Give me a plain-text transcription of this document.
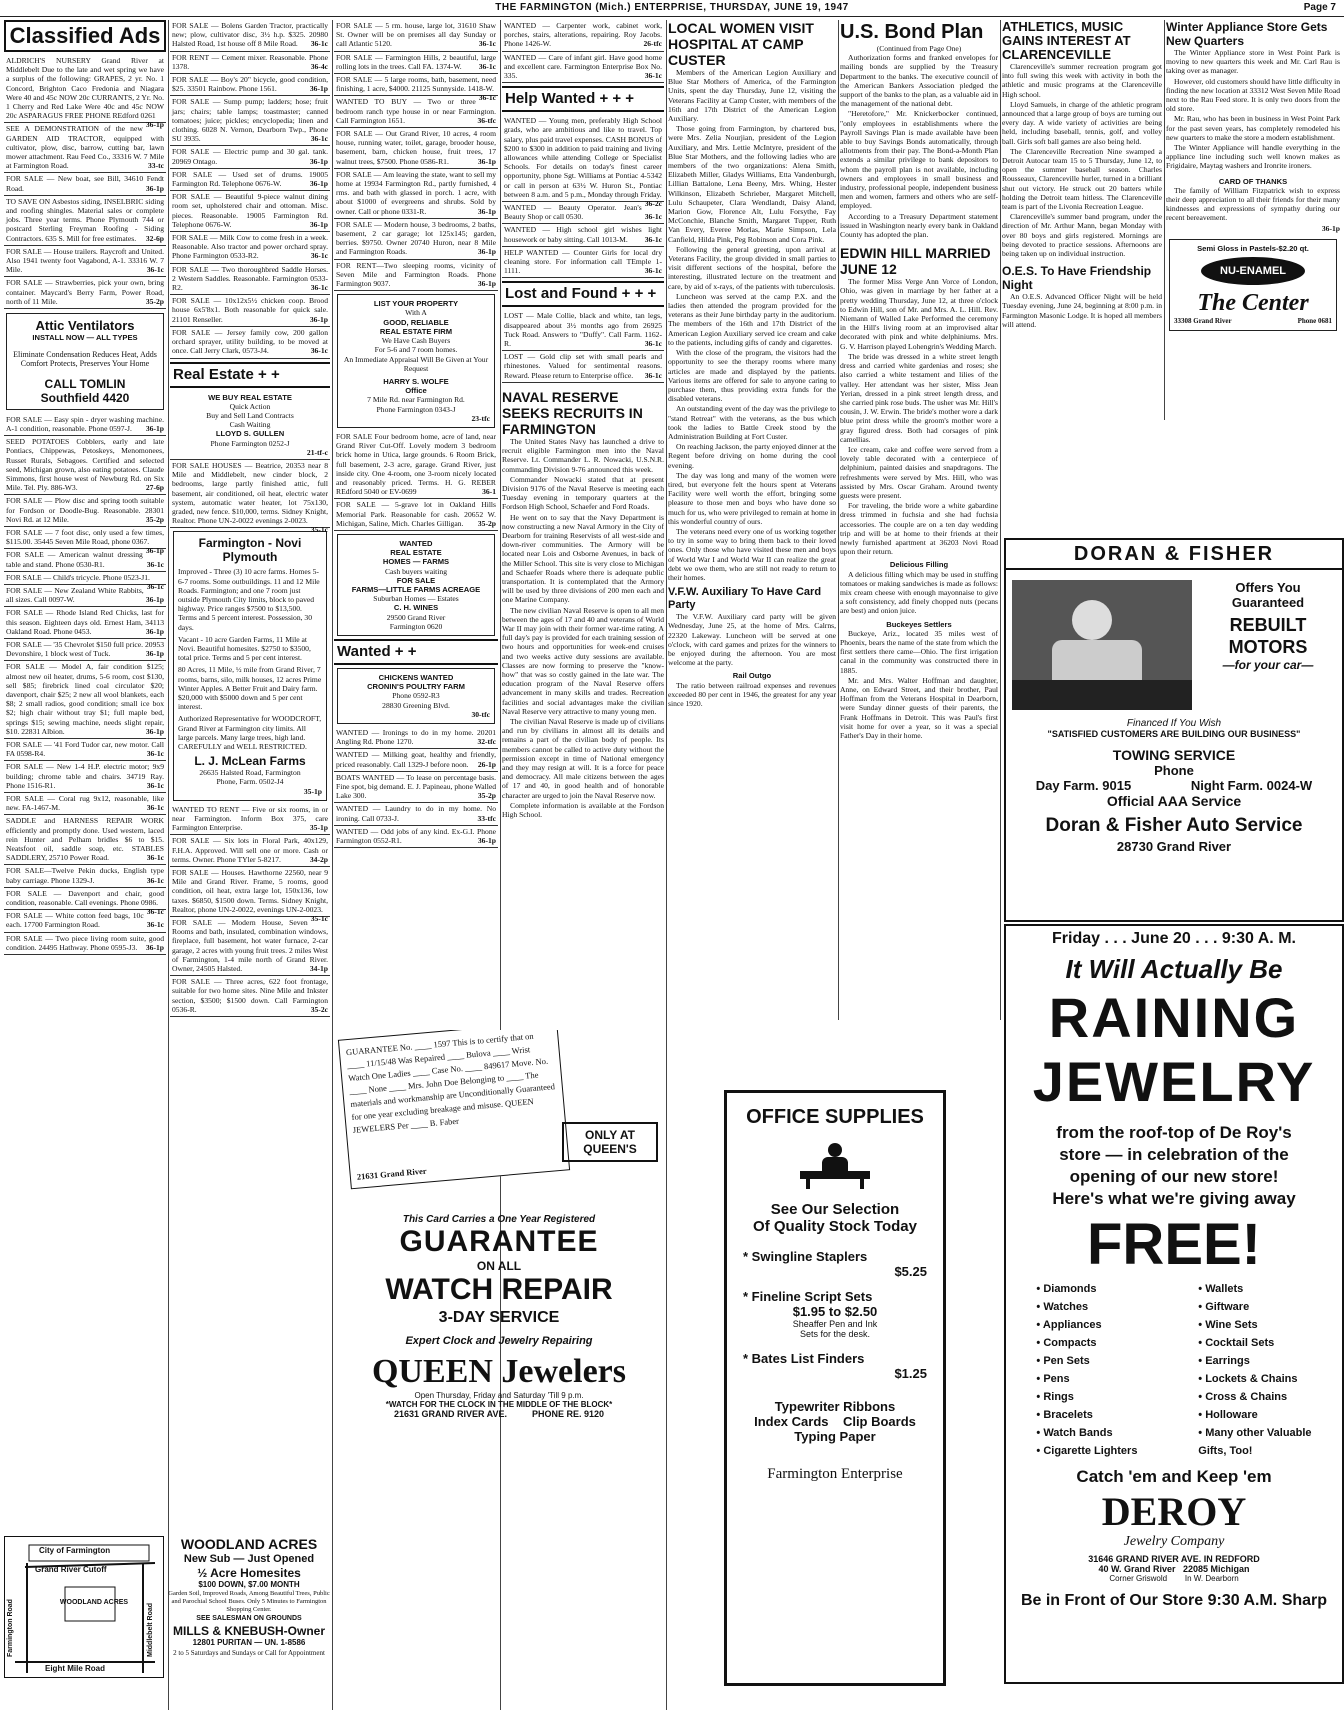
THE FARMINGTON (Mich.) ENTERPRISE, THURSDAY, JUNE 19, 1947	Page 7
Classified Ads
ALDRICH'S NURSERY Grand River at Middlebelt Due to the late and wet spring we have a surplus of the following: GRAPES, 2 yr. No. 1 Concord, Brighton Caco Fredonia and Niagara Were 40 and 45c NOW 20c CURRANTS, 2 Yr. No. 1 Cherry and Red Lake Were 40c and 45c NOW 20c ASPARAGUS FREE PHONE REdford 0261
36-1p
SEE A DEMONSTRATION of the new GARDEN AID TRACTOR, equipped with cultivator, plow, disc, barrow, cutting bar, lawn mower attachment. Rau Feed Co., 33316 W. 7 Mile at Farmington Road.	33-tc
FOR SALE — New boat, see Bill, 34610 Fendt Road.	36-1p
TO SAVE ON Asbestos siding, INSELBRIC siding and roofing shingles. Material sales or complete jobs. Three year terms. Phone Plymouth 744 or postcard Sterling Freyman Roofing - Siding Contractors. 635 S. Mill for free estimates. 32-6p
FOR SALE — House trailers. Raycroft and United. Also 1941 twenty foot Vagabond, A-1. 33316 W. 7 Mile.	36-1c
FOR SALE — Strawberries, pick your own, bring container. Maycard's Berry Farm, Power Road, north of 11 Mile.	35-2p
Attic Ventilators
INSTALL NOW — ALL TYPES
Eliminate Condensation Reduces Heat, Adds Comfort Protects, Preserves Your Home
CALL TOMLIN
Southfield 4420
FOR SALE — Easy spin - dryer washing machine. A-1 condition, reasonable. Phone 0597-J. 36-1p
SEED POTATOES Cobblers, early and late Pontiacs, Chippewas, Petoskeys, Menomonees, Russet Rurals, Sebagoes. Certified and selected seed, Michigan grown, also eating potatoes. Claude Simmons, first house west of Newburg Rd. on Six Mile. Tel. Ply. 886-W3.	27-6p
FOR SALE — Plow disc and spring tooth suitable for Fordson or Doodle-Bug. Reasonable. 28301 Novi Rd. at 12 Mile.	35-2p
FOR SALE — 7 foot disc, only used a few times, $115.00. 35445 Seven Mile Road, phone 0367.
36-1p
FOR SALE — American walnut dressing table and stand. Phone 0530-R1.	36-1c
FOR SALE — Child's tricycle. Phone 0523-J1.
36-1c
FOR SALE — New Zealand White Rabbits, all sizes. Call 0097-W.	36-1p
FOR SALE — Rhode Island Red Chicks, last for this season. Eighteen days old. Ernest Ham, 34113 Oakland Road. Phone 0453.	36-1p
FOR SALE — '35 Chevrolet $150 full price. 20953 Devonshire, 1 block west of Tuck.	36-1p
FOR SALE — Model A, fair condition $125; almost new oil heater, drums, 5-6 room, cost $130, sell $85; firebrick lined coal circulator $20; davenport, chair $25; 2 new all wool blankets, each $8; 2 small radios, good condition; small ice box $2; high chair without tray $1; full maple bed, springs $15; sewing machine, needs slight repair, $10. 22831 Albion.	36-1p
FOR SALE — '41 Ford Tudor car, new motor. Call FA 0598-R4.	36-1c
FOR SALE — New 1-4 H.P. electric motor; 9x9 building; chrome table and chairs. 34719 Ray. Phone 1516-R1.	36-1c
FOR SALE — Coral rug 9x12, reasonable, like new. FA-1467-M.	36-1c
SADDLE and HARNESS REPAIR WORK efficiently and promptly done. Used western, laced rein Hunter and Pelham bridles $6 to $15. Neatsfoot oil, saddle soap, etc. STABLES SADDLERY, 25710 Power Road.	36-1c
FOR SALE—Twelve Pekin ducks, English type baby carriage. Phone 1329-J.	36-1c
FOR SALE — Davenport and chair, good condition, reasonable. Call evenings. Phone 0986.
36-1c
FOR SALE — White cotton feed bags, 10c each. 17700 Farmington Road.	36-1c
FOR SALE — Two piece living room suite, good condition. 24495 Hathway. Phone 0595-J3. 36-1p
City of Farmington
Grand River Cutoff
WOODLAND ACRES
Farmington Road	Middlebelt Road
Eight Mile Road
WOODLAND ACRES
New Sub — Just Opened
½ Acre Homesites
$100 DOWN, $7.00 MONTH
Garden Soil, Improved Roads, Among Beautiful Trees, Public and Parochial School Buses. Only 5 Minutes to Farmington Shopping Center.
SEE SALESMAN ON GROUNDS
MILLS & KNEBUSH-Owner
12801 PURITAN — UN. 1-8586
2 to 5 Saturdays and Sundays or Call for Appointment
FOR SALE — Bolens Garden Tractor, practically new; plow, cultivator disc, 3½ h.p. $325. 20980 Halsted Road, 1st house off 8 Mile Road. 36-1c
FOR RENT — Cement mixer. Reasonable. Phone 1378.	36-4c
FOR SALE — Boy's 20" bicycle, good condition, $25. 33501 Rainbow. Phone 1561.	36-1p
FOR SALE — Sump pump; ladders; hose; fruit jars; chairs; table lamps; toastmaster; canned tomatoes; juice; pickles; encyclopedia; linen and clothing. 6028 N. Vernon, Dearborn Twp., Phone SU 3935.	36-1c
FOR SALE — Electric pump and 30 gal. tank. 20969 Ontago.	36-1p
FOR SALE — Used set of drums. 19005 Farmington Rd. Telephone 0676-W.	36-1p
FOR SALE — Beautiful 9-piece walnut dining room set, upholstered chair and ottoman. Misc. pieces. Reasonable. 19005 Farmington Rd. Telephone 0676-W.	36-1p
FOR SALE — Milk Cow to come fresh in a week. Reasonable. Also tractor and power orchard spray. Phone Farmington 0533-R2.	36-1c
FOR SALE — Two thoroughbred Saddle Horses. 2 Western Saddles. Reasonable. Farmington 0533-R2.	36-1c
FOR SALE — 10x12x5½ chicken coop. Brood house 6x5'8x1. Both reasonable for quick sale. 21101 Renseller.	36-1p
FOR SALE — Jersey family cow, 200 gallon orchard sprayer, utility building, to be moved at once. Call Jerry Clark, 0573-J4.	36-1c
Real Estate + +
WE BUY REAL ESTATE
Quick Action
Buy and Sell Land Contracts
Cash Waiting
LLOYD S. GULLEN
Phone Farmington 0252-J
21-tf-c
FOR SALE HOUSES — Beatrice, 20353 near 8 Mile and Middlebelt, new cinder block, 2 bedrooms, large partly finished attic, full basement, air conditioned, oil heat, electric water system, automatic water heater, lot 75x130, graded, new fence. $10,000, terms. Sidney Knight, Realtor. Phone UN-2-0022 evenings 2-0023.
35-1c
Farmington - Novi Plymouth

Improved - Three (3) 10 acre farms. Homes 5-6-7 rooms. Some outbuildings. 11 and 12 Mile Roads. Farmington; and one 7 room just outside Plymouth City limits, block to paved highway. Price ranges $7500 to $13,500. Terms and 5 percent interest. Possession, 30 days.

Vacant - 10 acre Garden Farms, 11 Mile at Novi. Beautiful homesites. $2750 to $3500, total price. Terms and 5 per cent interest.

80 Acres, 11 Mile, ½ mile from Grand River, 7 rooms, barns, silo, milk houses, 12 acres Prime Winter Apples. A Better Fruit and Dairy farm. $20,000 with $5000 down and 5 per cent interest.

Authorized Representative for WOODCROFT, Grand River at Farmington city limits. All large parcels. Many large trees, high land. CAREFULLY and WELL RESTRICTED.

L. J. McLean Farms
26635 Halsted Road, Farmington
Phone, Farm. 0502-J4
35-1p
WANTED TO RENT — Five or six rooms, in or near Farmington. Inform Box 375, care Farmington Enterprise.	35-1p
FOR SALE — Six lots in Floral Park, 40x129, F.H.A. Approved. Will sell one or more. Cash or terms. Owner. Phone TYler 5-8217.	34-2p
FOR SALE — Houses. Hawthorne 22560, near 9 Mile and Grand River. Frame, 5 rooms, good condition, oil heat, extra large lot, 150x136, low taxes. $6850, $1500 down. Terms. Sidney Knight, Realtor, phone UN-2-0022, evenings UN-2-0023.
35-1c
FOR SALE — Modern House, Seven Rooms and bath, insulated, combination windows, fireplace, full basement, hot water furnace, 2-car garage, 2 acres with young fruit trees. 2 miles West of Farmington, 1-4 mile north of Grand River. Owner, 24505 Halsted.	34-1p
FOR SALE — Three acres, 622 foot frontage, suitable for two home sites. Nine Mile and Inkster section, $3500; $1500 down. Call Farmington 0536-R.	35-2c
FOR SALE — 5 rm. house, large lot, 31610 Shaw St. Owner will be on premises all day Sunday or call Atlantic 5120.	36-1c
FOR SALE — Farmington Hills, 2 beautiful, large rolling lots in the trees. Call FA. 1374-W. 36-1c
FOR SALE — 5 large rooms, bath, basement, need finishing, 1 acre, $4000. 21125 Sunnyside. 1418-W.
36-1c
WANTED TO BUY — Two or three bedroom ranch type house in or near Farmington. Call Farmington 1651.	36-tfc
FOR SALE — Out Grand River, 10 acres, 4 room house, running water, toilet, garage, brooder house, basement, barn, chicken house, fruit trees, 17 walnut trees, $7500. Phone 0586-R1.	36-1p
FOR SALE — Am leaving the state, want to sell my home at 19934 Farmington Rd., partly furnished, 4 rms. and bath with glassed in porch. 1 acre, with about $1000 of evergreens and shrubs. Sold by owner. Call or phone 0331-R.	36-1p
FOR SALE — Modern house, 3 bedrooms, 2 baths, basement, 2 car garage; lot 125x145; garden, berries. $9750. Owner 20740 Huron, near 8 Mile and Farmington Roads.	36-1p
FOR RENT—Two sleeping rooms, vicinity of Seven Mile and Farmington Roads. Phone Farmington 9037.	36-1p
LIST YOUR PROPERTY
With A
GOOD, RELIABLE
REAL ESTATE FIRM
We Have Cash Buyers
For 5-6 and 7 room homes.
An Immediate Appraisal Will Be Given at Your Request
HARRY S. WOLFE
Office
7 Mile Rd. near Farmington Rd.
Phone Farmington 0343-J
23-tfc
FOR SALE Four bedroom home, acre of land, near Grand River Cut-Off. Lovely modern 3 bedroom brick home in Utica, large grounds. 6 Room Brick, full basement, 2-3 acre, garage. Grand River, just inside city. One 4-room, one 3-room nicely located and reasonably priced. Terms. H. G. REBER REdford 5040 or EV-0699	36-1
FOR SALE — 5-grave lot in Oakland Hills Memorial Park. Reasonable for cash. 20652 W. Michigan, Saline, Mich. Charles Gilligan. 35-2p
WANTED
REAL ESTATE
HOMES — FARMS
Cash buyers waiting
FOR SALE
FARMS—LITTLE FARMS ACREAGE
Suburban Homes — Estates
C. H. WINES
29500 Grand River
Farmington 0620
Wanted + +
CHICKENS WANTED
CRONIN'S POULTRY FARM
Phone 0592-R3
28830 Greening Blvd.
30-tfc
WANTED — Ironings to do in my home. 20201 Angling Rd. Phone 1270.	32-tfc
WANTED — Milking goat, healthy and friendly, priced reasonably. Call 1329-J before noon. 26-1p
BOATS WANTED — To lease on percentage basis. Fine spot, big demand. E. J. Papineau, phone Walled Lake 300.	35-2p
WANTED — Laundry to do in my home. No ironing. Call 0733-J.	33-tfc
WANTED — Odd jobs of any kind. Ex-G.I. Phone Farmington 0552-R1.	36-1p
WANTED — Carpenter work, cabinet work, porches, stairs, alterations, repairing. Roy Jacobs. Phone 1426-W.	26-tfc
WANTED — Care of infant girl. Have good home and excellent care. Farmington Enterprise Box No. 335.	36-1c
Help Wanted + + +
WANTED — Young men, preferably High School grads, who are ambitious and like to travel. Top salary, plus paid travel expenses. CASH BONUS of $200 to $300 in addition to paid training and living allowances while attending College or Specialist Schools. For details on today's finest career opportunity, phone Sgt. Williams at Pontiac 4-5342 or call in person at 63½ W. Huron St., Pontiac between 8 a.m. and 5 p.m., Monday through Friday.
36-2c
WANTED — Beauty Operator. Jean's Beauty Shop or call 0530.	36-1c
WANTED — High school girl wishes light housework or baby sitting. Call 1013-M. 36-1c
HELP WANTED — Counter Girls for local dry cleaning store. For information call TEmple 1-1111.	36-1c
Lost and Found + + +
LOST — Male Collie, black and white, tan legs, disappeared about 3½ months ago from 26925 Tuck Road. Answers to "Duffy". Call Farm. 1162-R.	36-1c
LOST — Gold clip set with small pearls and rhinestones. Valued for sentimental reasons. Reward. Please return to Enterprise office. 36-1c
NAVAL RESERVE SEEKS RECRUITS IN FARMINGTON

The United States Navy has launched a drive to recruit eligible Farmington men into the Naval Reserve. Lt. Commander L. R. Nowacki, U.S.N.R. commanding Division 9-76 announced this week.

Commander Nowacki stated that at present Division 9176 of the Naval Reserve is meeting each Tuesday evening in temporary quarters at the Fordson High School, Schaefer and Ford Roads.

He went on to say that the Navy Department is now constructing a new Naval Armory in the City of Dearborn for training Reservists of all west-side and down-river communities. The Armory will be located near Lois and Osborne Avenues, in back of the Miller School. This site is very close to Michigan and Schaefer Roads where there is adequate public transportation. It is contemplated that the Armory will be used by three divisions of 200 men each and one Marine Company.

The new civilian Naval Reserve is open to all men between the ages of 17 and 40 and veterans of World War II may join with their former war-time rating. A full day's pay is provided for each training session of two hours and opportunities for week-end cruises and two weeks active duty sessions are available. Classes are now forming to preserve the "know-how" that was so costly gained in the late war. The education program of the Naval Reserve offers advancement in many skills and trades. Recreation facilities and social advantages make the civilian Naval Reserve very attractive to many young men.

The civilian Naval Reserve is made up of civilians and run by civilians in almost all its details and remains a part of the civilian body of people. Its members cannot be called to active duty without the permission except in time of National emergency and they may resign at will. It is a force for peace and democracy. All male citizens between the ages of 17 and 40, in good health and of honorable character are urged to join the Naval Reserve now.

Complete information is available at the Fordson High School.

GUARANTEE No. ____ 1597 This is to certify that on ____ 11/15/48 Was Repaired ____ Bulova ____ Wrist Watch One Ladies ____ Case No. ____ 849617 Move. No. ____ None ____ Mrs. John Doe Belonging to ____ The materials and workmanship are Unconditionally Guaranteed for one year excluding breakage and misuse. QUEEN JEWELERS Per ____ B. Faber
21631 Grand River
ONLY AT QUEEN'S
This Card Carries a One Year Registered
GUARANTEE
ON ALL
WATCH REPAIR
3-DAY SERVICE
Expert Clock and Jewelry Repairing
QUEEN Jewelers
Open Thursday, Friday and Saturday 'Till 9 p.m.
*WATCH FOR THE CLOCK IN THE MIDDLE OF THE BLOCK*
21631 GRAND RIVER AVE.          PHONE RE. 9120
LOCAL WOMEN VISIT HOSPITAL AT CAMP CUSTER

Members of the American Legion Auxiliary and Blue Star Mothers of America, of the Farmington Units, spent the day Thursday, June 12, visiting the Veterans Facility at Camp Custer, with members of the 16th and 17th District of the American Legion Auxiliary.

Those going from Farmington, by chartered bus, were Mrs. Zelia Nourjian, president of the Legion Auxiliary, and Mrs. Lettie McIntyre, president of the Blue Star Mothers, and the following ladies who are members of the two organizations: Alena Smith, Elizabeth Miller, Gladys Williams, Etta Vandenburgh, Lillian Battalone, Lena Beeny, Mrs. Whing, Hester Wilkinson, Elizabeth Schrieber, Margaret Mitchell, Lulu Schaupeter, Clara Wendlandt, Daisy Aland, Marion Gow, Florence Alt, Lulu Forsythe, Fay McConchie, Blanche Smith, Margaret Tupper, Ruth Van Every, Everee Morlas, Marie Simpson, Lela Canfield, Hilda Pink, Peg Robinson and Cora Pink.

Following the general greeting, upon arrival at Veterans Facility, the group divided in small parties to visit different sections of the hospital, before the interesting, illustrated lecture on the treatment and care, by aid of x-rays, of the patients with tuberculosis.

Luncheon was served at the camp P.X. and the ladies then attended the program provided for the veterans as their June birthday party in the auditorium. The members of the 16th and 17th District of the American Legion Auxiliary served ice cream and cake to the patients, including gifts of candy and cigarettes.

With the close of the program, the visitors had the opportunity to see the therapy rooms where many articles are made and displayed by the patients. Various items are offered for sale to anyone caring to purchase them, thus providing extra funds for the disabled veterans.

An outstanding event of the day was the privilege to "stand Retreat" with the veterans, as the bus which took the ladies to Battle Creek stood by the Administration Building at Fort Custer.

On reaching Jackson, the party enjoyed dinner at the Regent before driving on home during the cool evening.

The day was long and many of the women were tired, but everyone felt the hours spent at Veterans Facility were well worth the effort, bringing some pleasure to those men and boys who have done so much for us, who were privileged to remain at home in this wonderful country of ours.

The veterans need every one of us working together to try in some way to bring them back to their loved ones. Only those who have visited these men and boys of World War I and World War II can realize the great debt we owe them, who are still not ready to return to their homes.

V.F.W. Auxiliary To Have Card Party

The V.F.W. Auxiliary card party will be given Wednesday, June 25, at the home of Mrs. Calrns, 22320 Lakeway. Luncheon will be served at one o'clock, with card games and prizes for the winners to be enjoyed during the afternoon. You are most welcome at the party.

Rail Outgo

The ratio between railroad expenses and revenues exceeded 80 per cent in 1946, the greatest for any year since 1920.

OFFICE SUPPLIES
See Our Selection
Of Quality Stock Today
* Swingline Staplers
$5.25
* Fineline Script Sets
$1.95 to $2.50
Sheaffer Pen and Ink
Sets for the desk.
* Bates List Finders
$1.25
Typewriter Ribbons
Index Cards    Clip Boards
Typing Paper
Farmington Enterprise
U.S. Bond Plan
(Continued from Page One)

Authorization forms and franked envelopes for mailing bonds are supplied by the Treasury Department to the banks. The executive council of the American Bankers Association pledged the support of the banks to the plan, as a valuable aid in the management of the national debt.

"Heretofore," Mr. Knickerbocker continued, "only employees in establishments where the Payroll Savings Plan is made available have been able to buy Savings Bonds automatically, through allotments from their pay. The Bond-a-Month Plan extends a similar privilege to bank depositors to whom the payroll plan is not available, including owners and employees in small business and industry, professional people, independent business men and women, farmers and others who are self-employed.

According to a Treasury Department statement issued in Washington nearly every bank in Oakland County has adopted the plan.

EDWIN HILL MARRIED JUNE 12

The former Miss Verge Ann Vorce of London, Ohio, was given in marriage by her father at a pretty wedding Thursday, June 12, at three o'clock to Edwin Hill, son of Mr. and Mrs. A. L. Hill. Rev. Niemann of Walled Lake Performed the ceremony in the Hill's living room at an improvised altar decorated with pink and white delphiniums. Mrs. G. V. Harrison played Lohengrin's Wedding March.

The bride was dressed in a white street length dress and carried white gardenias and roses; she also carried a white testament and lilies of the valley. Her attendant was her sister, Miss Jean Yerian, dressed in a pink street length dress, and she carried pink rose buds. The usher was Mr. Hill's cousin, J. W. Erwin. The bride's mother wore a dark blue print dress while the groom's mother wore a gray figured dress. Both had corsages of pink camellias.

Ice cream, cake and coffee were served from a lovely table decorated with a centerpiece of delphinium, painted daisies and snapdragons. The refreshments were served by Mrs. Hill, who was assisted by Mrs. Oscar Graham. Around twenty guests were present.

For traveling, the bride wore a white gabardine dress trimmed in fuchsia and she had fuchsia accessories. The couple are on a ten day wedding trip and will be at home to their friends at their newly furnished apartment at 36203 Novi Road upon their return.

Delicious Filling

A delicious filling which may be used in stuffing tomatoes or making sandwiches is made as follows: mix cream cheese with enough mayonnaise to give a soft consistency, add finely chopped nuts (pecans are best) and onion juice.

Buckeyes Settlers

Buckeye, Ariz., located 35 miles west of Phoenix, bears the name of the state from which the first settlers there came—Ohio. The first irrigation canal in the community was constructed there in 1885.

Mr. and Mrs. Walter Hoffman and daughter, Anne, on Edward Street, and their brother, Paul Hoffman from the Veterans Hospital in Dearborn, were Sunday dinner guests of their parents, the Frank Hoffmans in Detroit. This was Paul's first visit home for over a year, so it was a special Father's Day in their home.

ATHLETICS, MUSIC GAINS INTEREST AT CLARENCEVILLE

Clarenceville's summer recreation program got into full swing this week with activity in both the athletic and music programs at the Clarenceville High school.

Lloyd Samuels, in charge of the athletic program announced that a large group of boys are turning out every day. A wide variety of activities are being held, including baseball, tennis, golf, and volley ball. Girls soft ball games are also being held.

The Clarenceville Recreation Nine swamped a Detroit Autocar team 15 to 5 Thursday, June 12, to open the summer baseball season. Charles Rousseaux, Clarenceville hurler, turned in a brilliant shut out victory. He struck out 20 batters while holding the Detroit team hitless. The Clarenceville team is part of the Livonia Recreation League.

Clarenceville's summer band program, under the direction of Mr. Arthur Mann, began Monday with over 80 boys and girls registered. Mornings are being devoted to practice sessions. Afternoons are being taken up on individual instruction.

O.E.S. To Have Friendship Night

An O.E.S. Advanced Officer Night will be held Tuesday evening, June 24, beginning at 8:00 p.m. in Farmington Masonic Lodge. It is hoped all members will attend.

Winter Appliance Store Gets New Quarters

The Winter Appliance store in West Point Park is moving to new quarters this week and Mr. Carl Rau is taking over as manager.

However, old customers should have little difficulty in finding the new location at 33312 West Seven Mile Road next to the Rau Feed store. It is only two doors from the old store.

Mr. Rau, who has been in business in West Point Park for the past seven years, has completely remodeled his new quarters to make the store a modern establishment.

The Winter Appliance will handle everything in the appliance line including such well known makes as Frigidaire, Maytag washers and Ironrite ironers.

CARD OF THANKS

The family of William Fitzpatrick wish to express their deep appreciation to all their friends for their many kindnesses and expressions of sympathy during our recent bereavement.

36-1p
Semi Gloss in Pastels-$2.20 qt.
NU-ENAMEL
The Center
33308 Grand River	Phone 0681
DORAN & FISHER
Offers You
Guaranteed
REBUILT
MOTORS
—for your car—
Financed If You Wish
"SATISFIED CUSTOMERS ARE BUILDING OUR BUSINESS"
TOWING SERVICE
Phone
Day Farm. 9015	Night Farm. 0024-W
Official AAA Service
Doran & Fisher Auto Service
28730 Grand River
Friday . . . June 20 . . . 9:30 A. M.
It Will Actually Be
RAINING
JEWELRY
from the roof-top of De Roy's
store — in celebration of the
opening of our new store!
Here's what we're giving away
FREE!
• Diamonds
• Watches
• Appliances
• Compacts
• Pen Sets
• Pens
• Rings
• Bracelets
• Watch Bands
• Cigarette Lighters
• Wallets
• Giftware
• Wine Sets
• Cocktail Sets
• Earrings
• Lockets & Chains
• Cross & Chains
• Holloware
• Many other Valuable
Gifts, Too!
Catch 'em and Keep 'em
DEROY
Jewelry Company
31646 GRAND RIVER AVE. IN REDFORD
40 W. Grand River   22085 Michigan
Corner Griswold        In W. Dearborn
Be in Front of Our Store 9:30 A.M. Sharp
